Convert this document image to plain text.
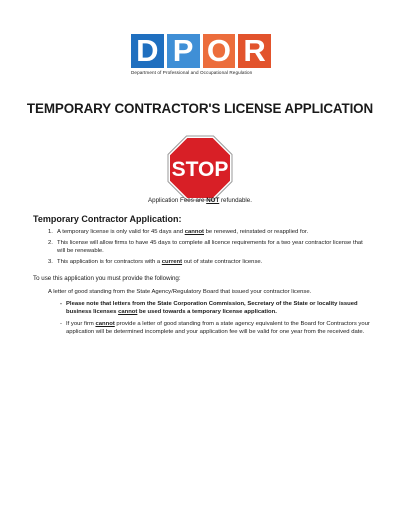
D P O R
Department of Professional and Occupational Regulation
TEMPORARY CONTRACTOR'S LICENSE APPLICATION
STOP
Application Fees are NOT refundable.
Temporary Contractor Application:
1. A temporary license is only valid for 45 days and cannot be renewed, reinstated or reapplied for.
2. This license will allow firms to have 45 days to complete all licence requirements for a two year contractor license that will be renewable.
3. This application is for contractors with a current out of state contractor license.
To use this application you must provide the following:
A letter of good standing from the State Agency/Regulatory Board that issued your contractor license.
- Please note that letters from the State Corporation Commission, Secretary of the State or locality issued business licenses cannot be used towards a temporary license application.
- If your firm cannot provide a letter of good standing from a state agency equivalent to the Board for Contractors your application will be determined incomplete and your application fee will be valid for one year from the received date.
